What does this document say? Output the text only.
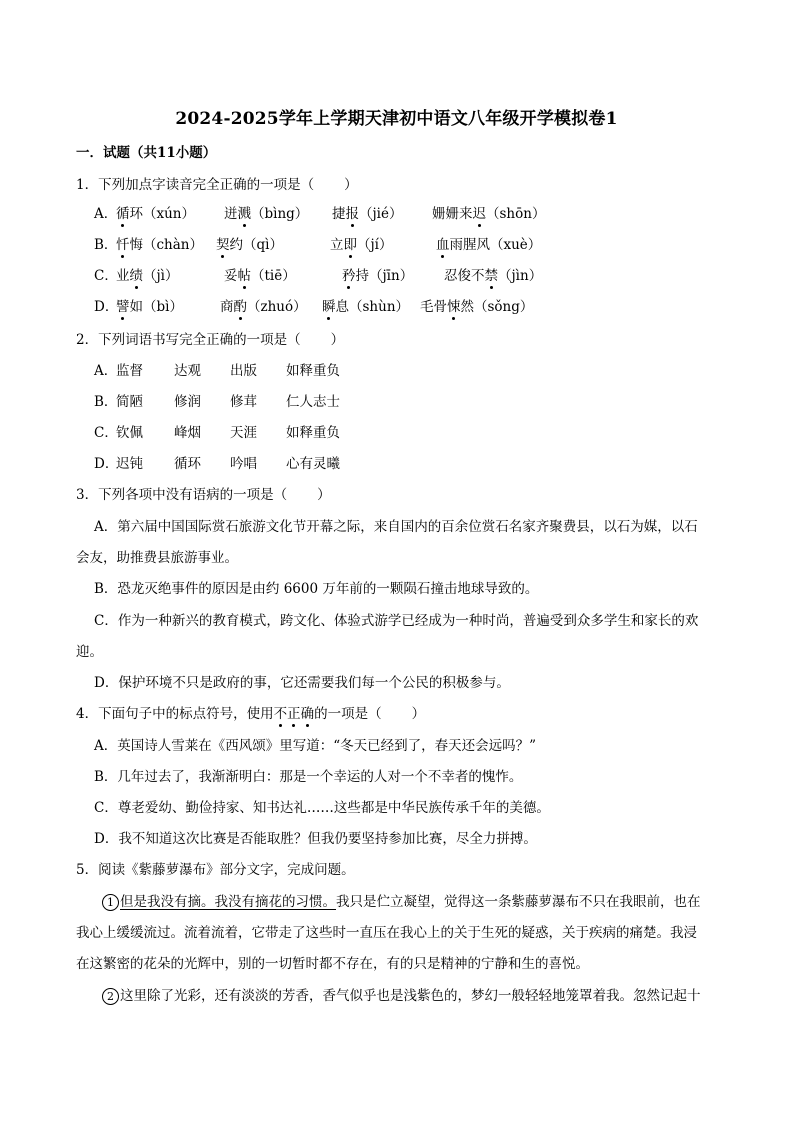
2024-2025学年上学期天津初中语文八年级开学模拟卷1
一．试题（共11小题）
1．下列加点字读音完全正确的一项是（ ）
A．
循环（xún） 迸溅（bìng） 捷报（jié） 姗姗来迟（shōn）
B．
忏悔（chàn） 契约（qì）	立即（jí）	血雨腥风（xuè）
C．
业绩（jì）	妥帖（tiē）	矜持（jīn） 忍俊不禁（jìn）
D．
譬如（bì）	商酌（zhuó） 瞬息（shùn） 毛骨悚然（sǒng）
2．下列词语书写完全正确的一项是（ ）
A．
监督 达观 出版 如释重负
B．
简陋 修润 修茸 仁人志士
C．
钦佩 峰烟 天涯 如释重负
D．
迟钝 循环 吟唱 心有灵曦
3．下列各项中没有语病的一项是（ ）
A．第六届中国国际赏石旅游文化节开幕之际，来自国内的百余位赏石名家齐聚费县，以石为媒，以石
会友，助推费县旅游事业。
B．恐龙灭绝事件的原因是由约 6600 万年前的一颗陨石撞击地球导致的。
C．作为一种新兴的教育模式，跨文化、体验式游学已经成为一种时尚，普遍受到众多学生和家长的欢
迎。
D．保护环境不只是政府的事，它还需要我们每一个公民的积极参与。
4．下面句子中的标点符号，使用不正确的一项是（ ）
A．英国诗人雪莱在《西风颂》里写道：“冬天已经到了，春天还会远吗？”
B．几年过去了，我渐渐明白：那是一个幸运的人对一个不幸者的愧怍。
C．尊老爱幼、勤俭持家、知书达礼……这些都是中华民族传承千年的美德。
D．我不知道这次比赛是否能取胜？但我仍要坚持参加比赛，尽全力拼搏。
5．阅读《紫藤萝瀑布》部分文字，完成问题。
1 但是我没有摘。我没有摘花的习惯。我只是伫立凝望，觉得这一条紫藤萝瀑布不只在我眼前，也在
我心上缓缓流过。流着流着，它带走了这些时一直压在我心上的关于生死的疑惑，关于疾病的痛楚。我浸
在这繁密的花朵的光辉中，别的一切暂时都不存在，有的只是精神的宁静和生的喜悦。
2 这里除了光彩，还有淡淡的芳香，香气似乎也是浅紫色的，梦幻一般轻轻地笼罩着我。忽然记起十
